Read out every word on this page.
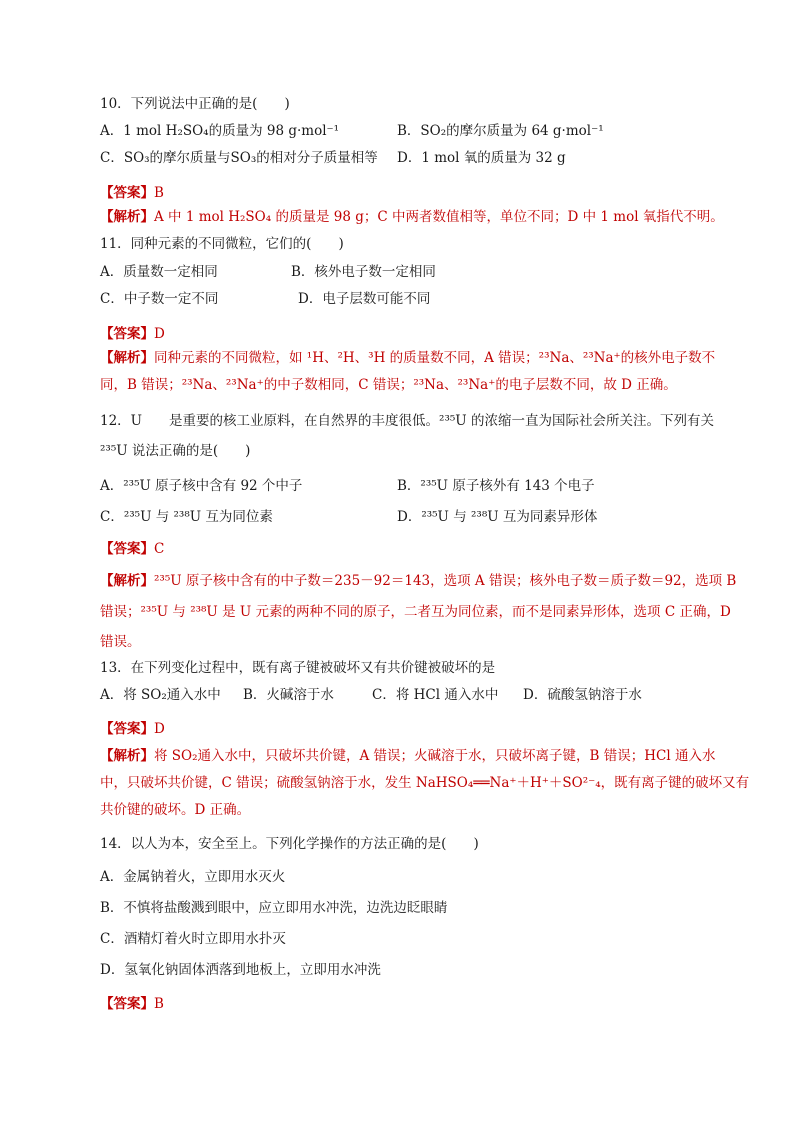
10．下列说法中正确的是(　　)
A．1 mol H₂SO₄的质量为 98 g·mol⁻¹	B．SO₂的摩尔质量为 64 g·mol⁻¹
C．SO₃的摩尔质量与SO₃的相对分子质量相等 D．1 mol 氧的质量为 32 g
【答案】B
【解析】A 中 1 mol H₂SO₄ 的质量是 98 g；C 中两者数值相等，单位不同；D 中 1 mol 氧指代不明。
11．同种元素的不同微粒，它们的(　　)
A．质量数一定相同	B．核外电子数一定相同
C．中子数一定不同	D．电子层数可能不同
【答案】D
【解析】同种元素的不同微粒，如 ¹H、²H、³H 的质量数不同，A 错误；²³Na、²³Na⁺的核外电子数不
同，B 错误；²³Na、²³Na⁺的中子数相同，C 错误；²³Na、²³Na⁺的电子层数不同，故 D 正确。
12．U　　是重要的核工业原料，在自然界的丰度很低。²³⁵U 的浓缩一直为国际社会所关注。下列有关
²³⁵U 说法正确的是(　　)
A．²³⁵U 原子核中含有 92 个中子	B．²³⁵U 原子核外有 143 个电子
C．²³⁵U 与 ²³⁸U 互为同位素	D．²³⁵U 与 ²³⁸U 互为同素异形体
【答案】C
【解析】²³⁵U 原子核中含有的中子数＝235－92＝143，选项 A 错误；核外电子数＝质子数＝92，选项 B
错误；²³⁵U 与 ²³⁸U 是 U 元素的两种不同的原子，二者互为同位素，而不是同素异形体，选项 C 正确，D
错误。
13．在下列变化过程中，既有离子键被破坏又有共价键被破坏的是
A．将 SO₂通入水中 B．火碱溶于水	C．将 HCl 通入水中 D．硫酸氢钠溶于水
【答案】D
【解析】将 SO₂通入水中，只破坏共价键，A 错误；火碱溶于水，只破坏离子键，B 错误；HCl 通入水
中，只破坏共价键，C 错误；硫酸氢钠溶于水，发生 NaHSO₄══Na⁺＋H⁺＋SO²⁻₄，既有离子键的破坏又有
共价键的破坏。D 正确。
14．以人为本，安全至上。下列化学操作的方法正确的是(　　)
A．金属钠着火，立即用水灭火
B．不慎将盐酸溅到眼中，应立即用水冲洗，边洗边眨眼睛
C．酒精灯着火时立即用水扑灭
D．氢氧化钠固体洒落到地板上，立即用水冲洗
【答案】B
